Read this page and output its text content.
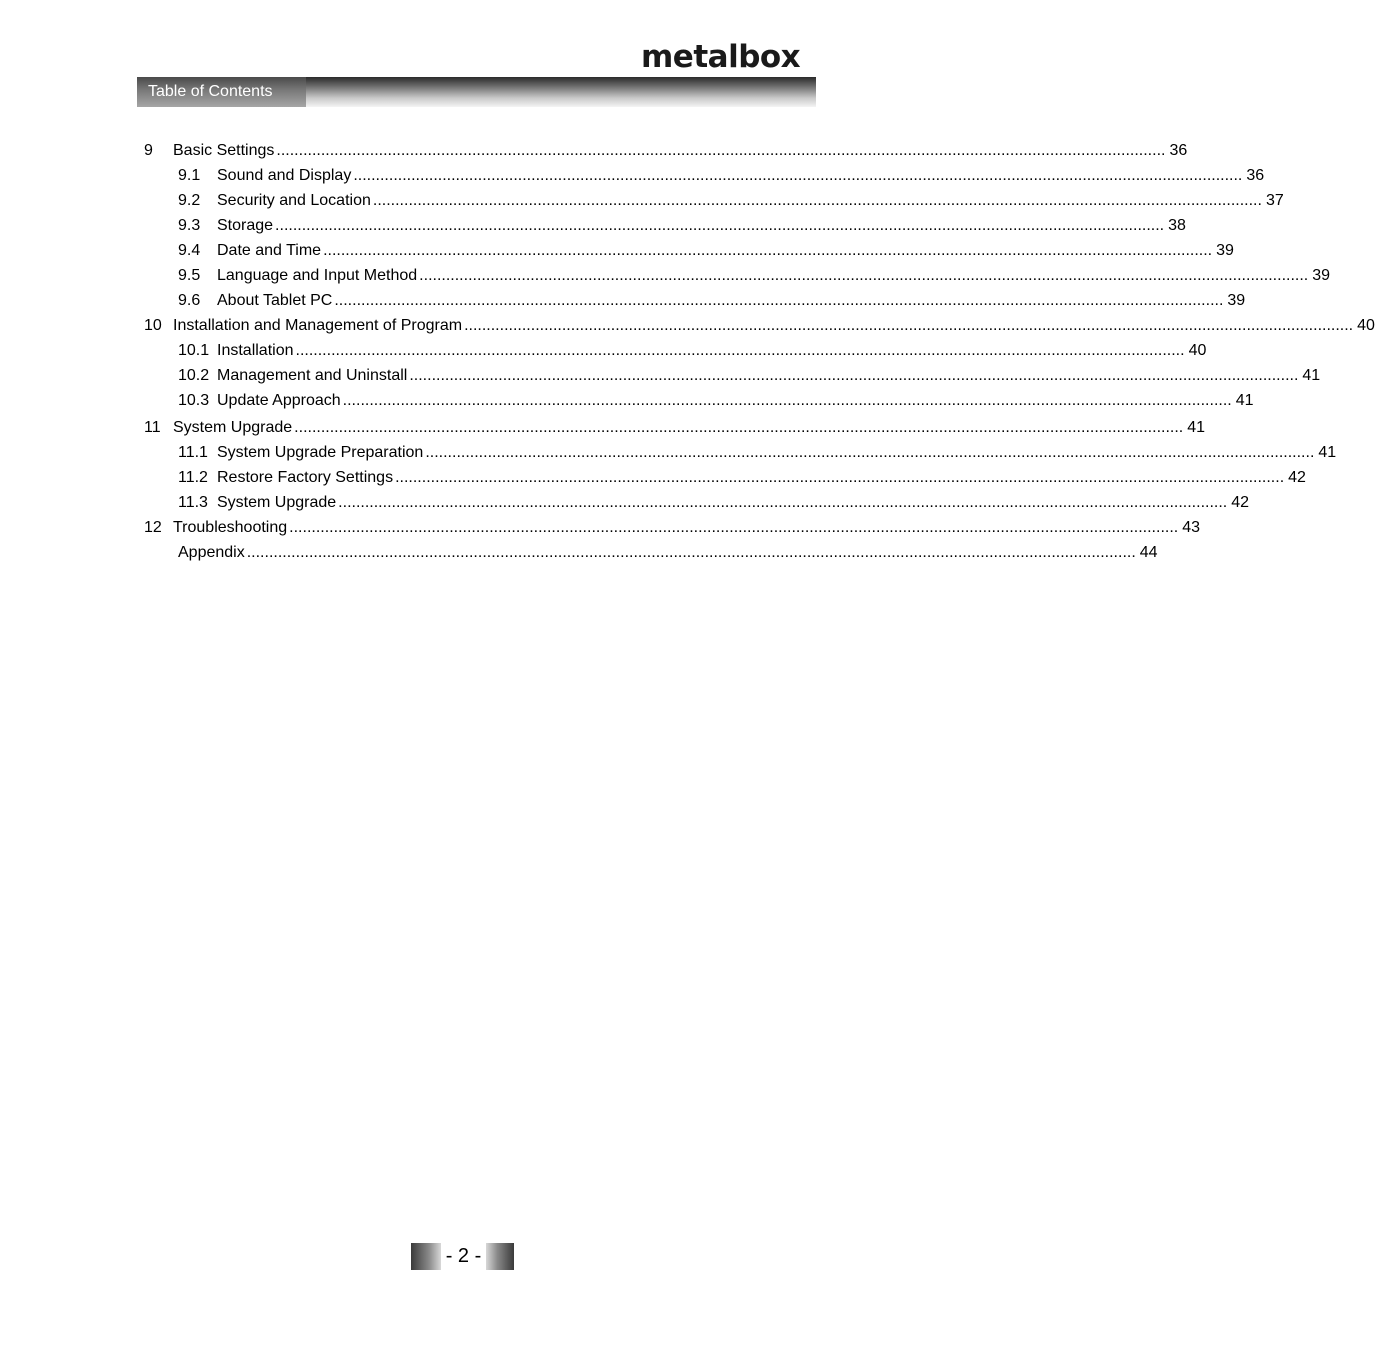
metalbox
Table of Contents
9 Basic Settings ........................................................................................................................................................................................................ 36
9.1 Sound and Display ........................................................................................................................................................................................................ 36
9.2 Security and Location ........................................................................................................................................................................................................ 37
9.3 Storage ........................................................................................................................................................................................................ 38
9.4 Date and Time ........................................................................................................................................................................................................ 39
9.5 Language and Input Method ........................................................................................................................................................................................................ 39
9.6 About Tablet PC ........................................................................................................................................................................................................ 39
10 Installation and Management of Program ........................................................................................................................................................................................................ 40
10.1 Installation ........................................................................................................................................................................................................ 40
10.2 Management and Uninstall ........................................................................................................................................................................................................ 41
10.3 Update Approach ........................................................................................................................................................................................................ 41
11 System Upgrade ........................................................................................................................................................................................................ 41
11.1 System Upgrade Preparation ........................................................................................................................................................................................................ 41
11.2 Restore Factory Settings ........................................................................................................................................................................................................ 42
11.3 System Upgrade ........................................................................................................................................................................................................ 42
12 Troubleshooting ........................................................................................................................................................................................................ 43
Appendix ........................................................................................................................................................................................................ 44
- 2 -
